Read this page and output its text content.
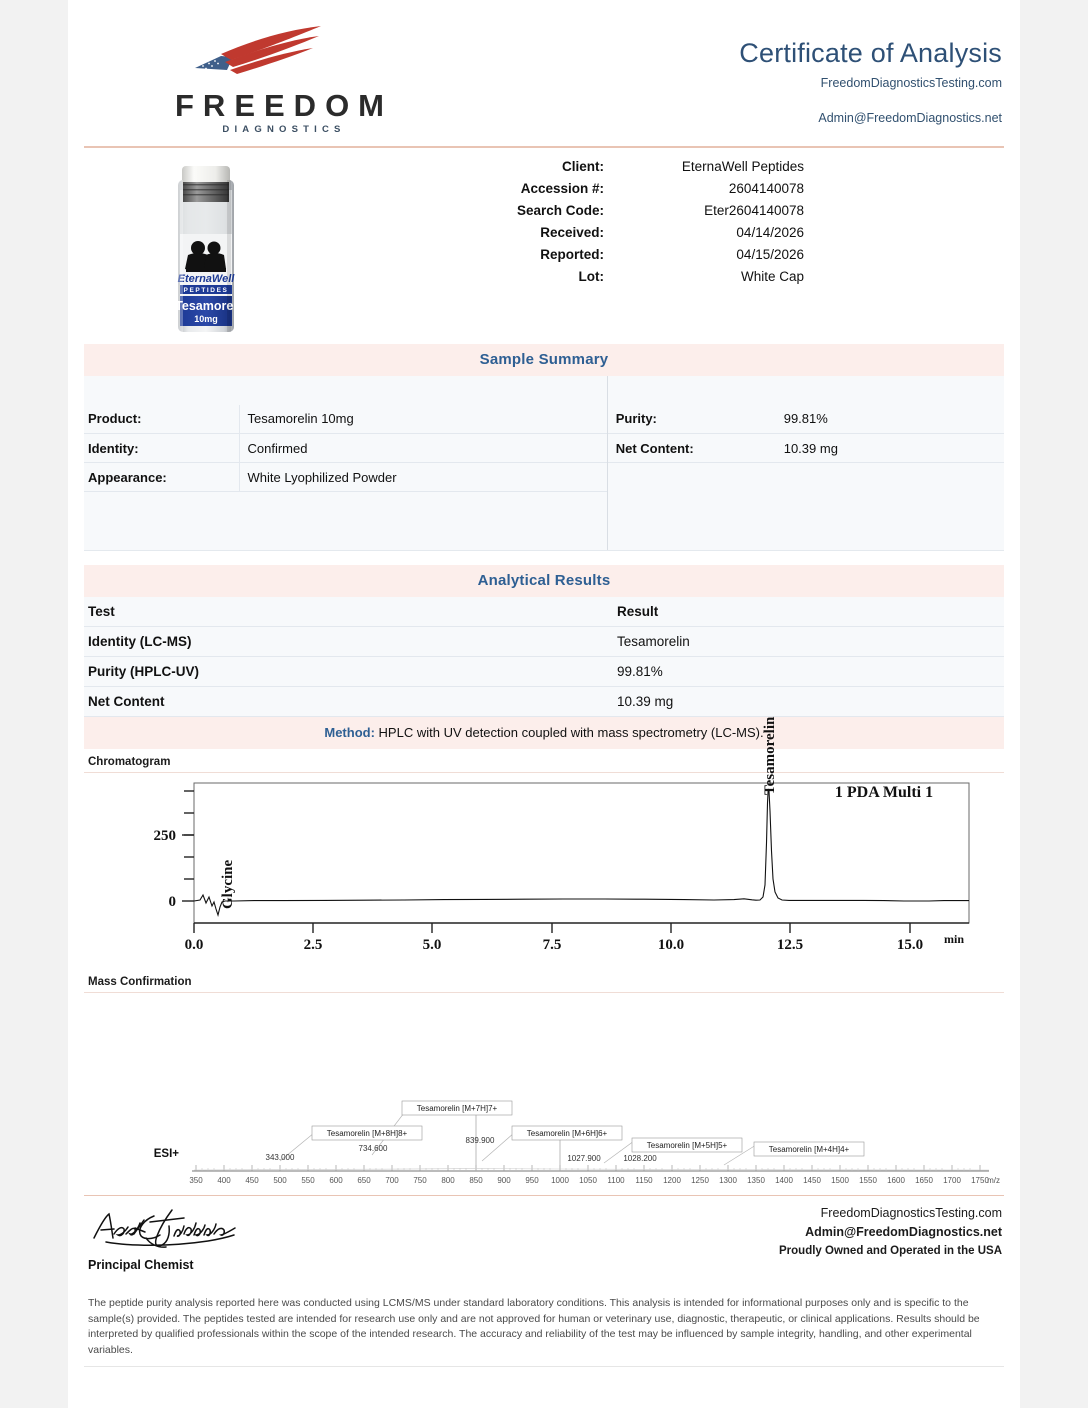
FREEDOM
DIAGNOSTICS
Certificate of Analysis
FreedomDiagnosticsTesting.com
Admin@FreedomDiagnostics.net
EternaWell
PEPTIDES
Tesamorel
10mg
Client:	EternaWell Peptides
Accession #:	2604140078
Search Code:	Eter2604140078
Received:	04/14/2026
Reported:	04/15/2026
Lot:	White Cap
Sample Summary

Product:	Tesamorelin 10mg
Identity:	Confirmed
Appearance:	White Lyophilized Powder

Purity:	99.81%
Net Content:	10.39 mg
Analytical Results
Test	Result
Identity (LC-MS)	Tesamorelin
Purity (HPLC-UV)	99.81%
Net Content	10.39 mg
Method: HPLC with UV detection coupled with mass spectrometry (LC-MS).
Chromatogram
250
0
0.0	2.5	5.0	7.5	10.0	12.5	15.0 min
1 PDA Multi 1
Glycine
Tesamorelin
Mass Confirmation
ESI+
350 400 450 500 550 600 650 700 750 800 850 900 950 1000 1050 1100 1150 1200 1250 1300 1350 1400 1450 1500 1550 1600 1650 1700 1750
m/z
Tesamorelin [M+7H]7+
Tesamorelin [M+8H]8+	Tesamorelin [M+6H]6+
Tesamorelin [M+5H]5+	Tesamorelin [M+4H]4+
343.000
734.600
839.900
1027.900	1028.200
Principal Chemist
FreedomDiagnosticsTesting.com
Admin@FreedomDiagnostics.net
Proudly Owned and Operated in the USA
The peptide purity analysis reported here was conducted using LCMS/MS under standard laboratory conditions. This analysis is intended for informational purposes only and is specific to the sample(s) provided. The peptides tested are intended for research use only and are not approved for human or veterinary use, diagnostic, therapeutic, or clinical applications. Results should be interpreted by qualified professionals within the scope of the intended research. The accuracy and reliability of the test may be influenced by sample integrity, handling, and other experimental variables.
